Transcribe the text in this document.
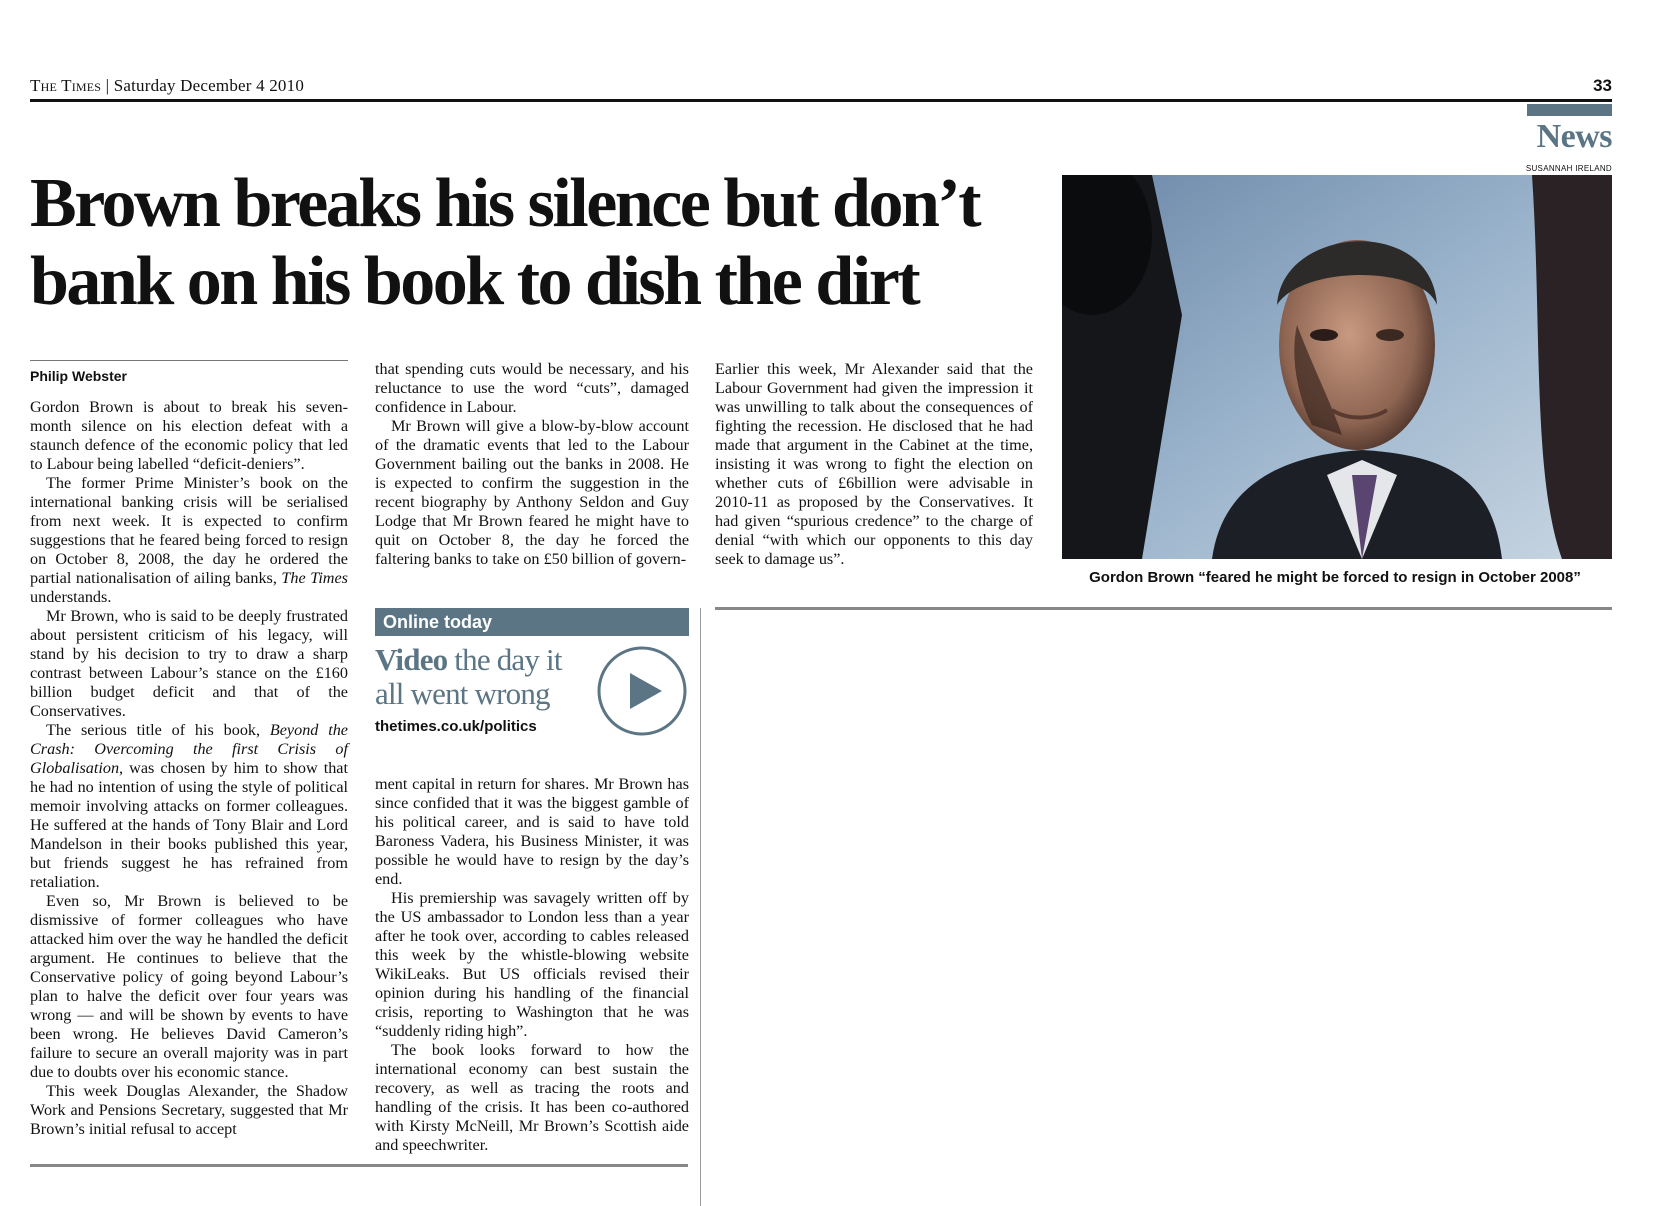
The Times | Saturday December 4 2010	33
News
SUSANNAH IRELAND
Brown breaks his silence but don’t
bank on his book to dish the dirt
Gordon Brown “feared he might be forced to resign in October 2008”
Philip Webster

Gordon Brown is about to break his seven-month silence on his election defeat with a staunch defence of the economic policy that led to Labour being labelled “deficit-deniers”.

The former Prime Minister’s book on the international banking crisis will be serialised from next week. It is expected to confirm suggestions that he feared being forced to resign on October 8, 2008, the day he ordered the partial nationalisation of ailing banks, The Times understands.

Mr Brown, who is said to be deeply frustrated about persistent criticism of his legacy, will stand by his decision to try to draw a sharp contrast between Labour’s stance on the £160 billion budget deficit and that of the Conservatives.

The serious title of his book, Beyond the Crash: Overcoming the first Crisis of Globalisation, was chosen by him to show that he had no intention of using the style of political memoir involving attacks on former colleagues. He suffered at the hands of Tony Blair and Lord Mandelson in their books published this year, but friends suggest he has refrained from retaliation.

Even so, Mr Brown is believed to be dismissive of former colleagues who have attacked him over the way he handled the deficit argument. He continues to believe that the Conservative policy of going beyond Labour’s plan to halve the deficit over four years was wrong — and will be shown by events to have been wrong. He believes David Cameron’s failure to secure an overall majority was in part due to doubts over his economic stance.

This week Douglas Alexander, the Shadow Work and Pensions Secretary, suggested that Mr Brown’s initial refusal to accept

that spending cuts would be necessary, and his reluctance to use the word “cuts”, damaged confidence in Labour.

Mr Brown will give a blow-by-blow account of the dramatic events that led to the Labour Government bailing out the banks in 2008. He is expected to confirm the suggestion in the recent biography by Anthony Seldon and Guy Lodge that Mr Brown feared he might have to quit on October 8, the day he forced the faltering banks to take on £50 billion of govern-

Online today
Video the day it all went wrong
thetimes.co.uk/politics

ment capital in return for shares. Mr Brown has since confided that it was the biggest gamble of his political career, and is said to have told Baroness Vadera, his Business Minister, it was possible he would have to resign by the day’s end.

His premiership was savagely written off by the US ambassador to London less than a year after he took over, according to cables released this week by the whistle-blowing website WikiLeaks. But US officials revised their opinion during his handling of the financial crisis, reporting to Washington that he was “suddenly riding high”.

The book looks forward to how the international economy can best sustain the recovery, as well as tracing the roots and handling of the crisis. It has been co-authored with Kirsty McNeill, Mr Brown’s Scottish aide and speechwriter.

Earlier this week, Mr Alexander said that the Labour Government had given the impression it was unwilling to talk about the consequences of fighting the recession. He disclosed that he had made that argument in the Cabinet at the time, insisting it was wrong to fight the election on whether cuts of £6billion were advisable in 2010-11 as proposed by the Conservatives. It had given “spurious credence” to the charge of denial “with which our opponents to this day seek to damage us”.
